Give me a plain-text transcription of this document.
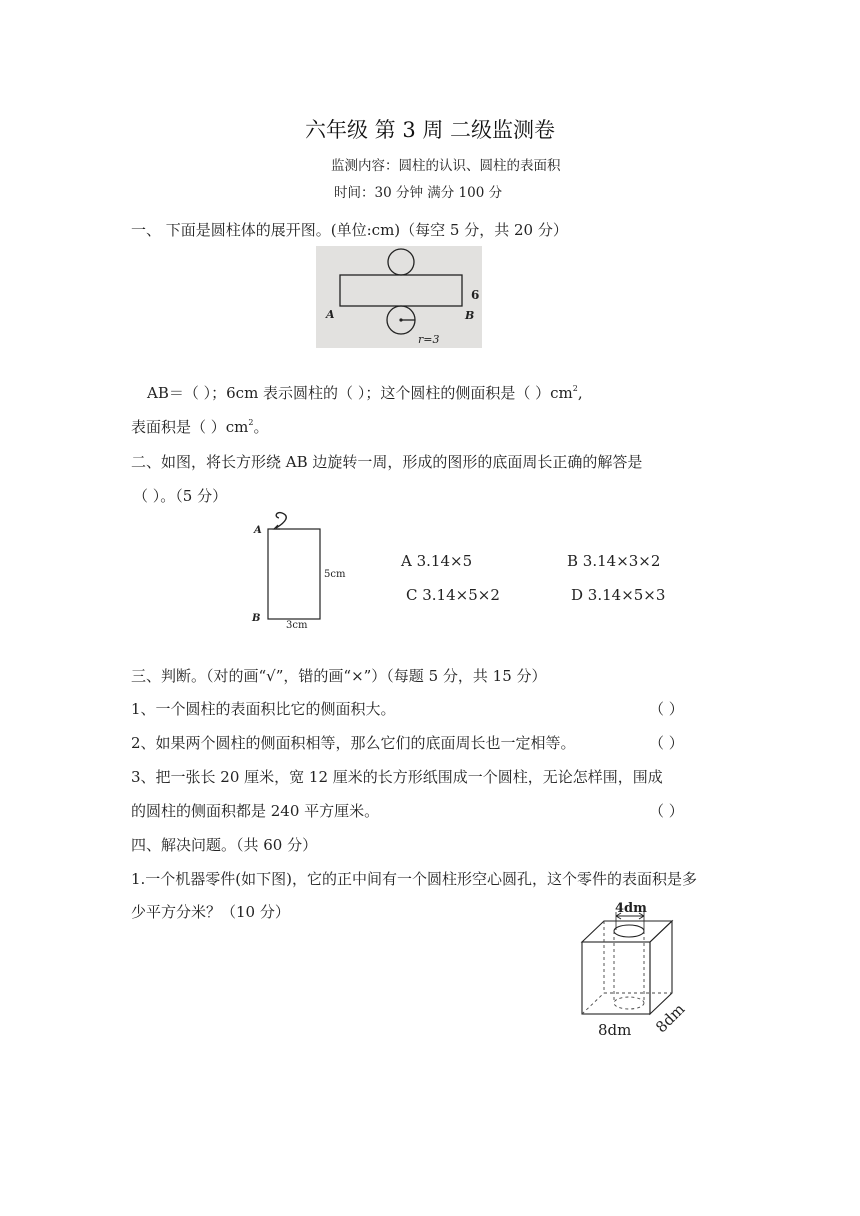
六年级 第 3 周 二级监测卷
监测内容：圆柱的认识、圆柱的表面积
时间：30 分钟 满分 100 分
一、 下面是圆柱体的展开图。(单位:cm)（每空 5 分，共 20 分）
A	B
6
r=3
AB＝（ ）；6cm 表示圆柱的（ ）；这个圆柱的侧面积是（ ）$cm^2$,
表面积是（ ）$cm^2$。
二、如图，将长方形绕 AB 边旋转一周，形成的图形的底面周长正确的解答是
（ ）。（5 分）
A
B
5cm
3cm
A 3.14×5	B 3.14×3×2
C 3.14×5×2	D 3.14×5×3
三、判断。（对的画“√”，错的画“×”）（每题 5 分，共 15 分）
1、一个圆柱的表面积比它的侧面积大。	（ ）
2、如果两个圆柱的侧面积相等，那么它们的底面周长也一定相等。	（ ）
3、把一张长 20 厘米，宽 12 厘米的长方形纸围成一个圆柱，无论怎样围，围成
的圆柱的侧面积都是 240 平方厘米。	（ ）
四、解决问题。（共 60 分）
1.一个机器零件(如下图)，它的正中间有一个圆柱形空心圆孔，这个零件的表面积是多
少平方分米？（10 分）	4dm
8dm 8dm
